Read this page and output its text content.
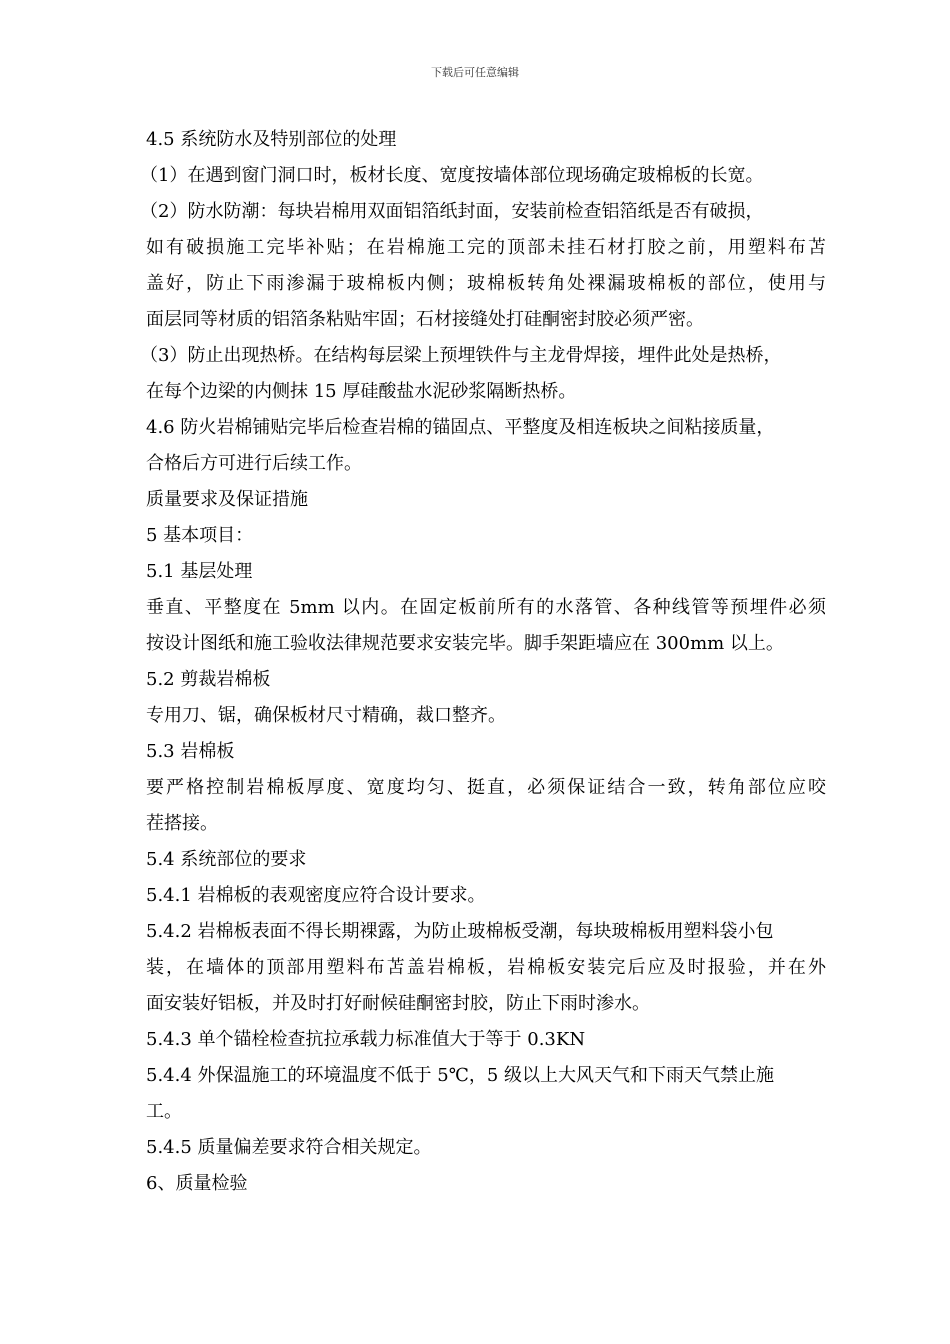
下载后可任意编辑
4.5 系统防水及特别部位的处理
（1）在遇到窗门洞口时，板材长度、宽度按墙体部位现场确定玻棉板的长宽。
（2）防水防潮：每块岩棉用双面铝箔纸封面，安装前检查铝箔纸是否有破损，
如有破损施工完毕补贴；在岩棉施工完的顶部未挂石材打胶之前，用塑料布苫
盖好，防止下雨渗漏于玻棉板内侧；玻棉板转角处裸漏玻棉板的部位，使用与
面层同等材质的铝箔条粘贴牢固；石材接缝处打硅酮密封胶必须严密。
（3）防止出现热桥。在结构每层梁上预埋铁件与主龙骨焊接，埋件此处是热桥，
在每个边梁的内侧抹 15 厚硅酸盐水泥砂浆隔断热桥。
4.6 防火岩棉铺贴完毕后检查岩棉的锚固点、平整度及相连板块之间粘接质量，
合格后方可进行后续工作。
质量要求及保证措施
5 基本项目：
5.1 基层处理
垂直、平整度在 5mm 以内。在固定板前所有的水落管、各种线管等预埋件必须
按设计图纸和施工验收法律规范要求安装完毕。脚手架距墙应在 300mm 以上。
5.2 剪裁岩棉板
专用刀、锯，确保板材尺寸精确，裁口整齐。
5.3 岩棉板
要严格控制岩棉板厚度、宽度均匀、挺直，必须保证结合一致，转角部位应咬
茬搭接。
5.4 系统部位的要求
5.4.1 岩棉板的表观密度应符合设计要求。
5.4.2 岩棉板表面不得长期裸露，为防止玻棉板受潮，每块玻棉板用塑料袋小包
装，在墙体的顶部用塑料布苫盖岩棉板，岩棉板安装完后应及时报验，并在外
面安装好铝板，并及时打好耐候硅酮密封胶，防止下雨时渗水。
5.4.3 单个锚栓检查抗拉承载力标准值大于等于 0.3KN
5.4.4 外保温施工的环境温度不低于 5℃，5 级以上大风天气和下雨天气禁止施
工。
5.4.5 质量偏差要求符合相关规定。
6、质量检验
